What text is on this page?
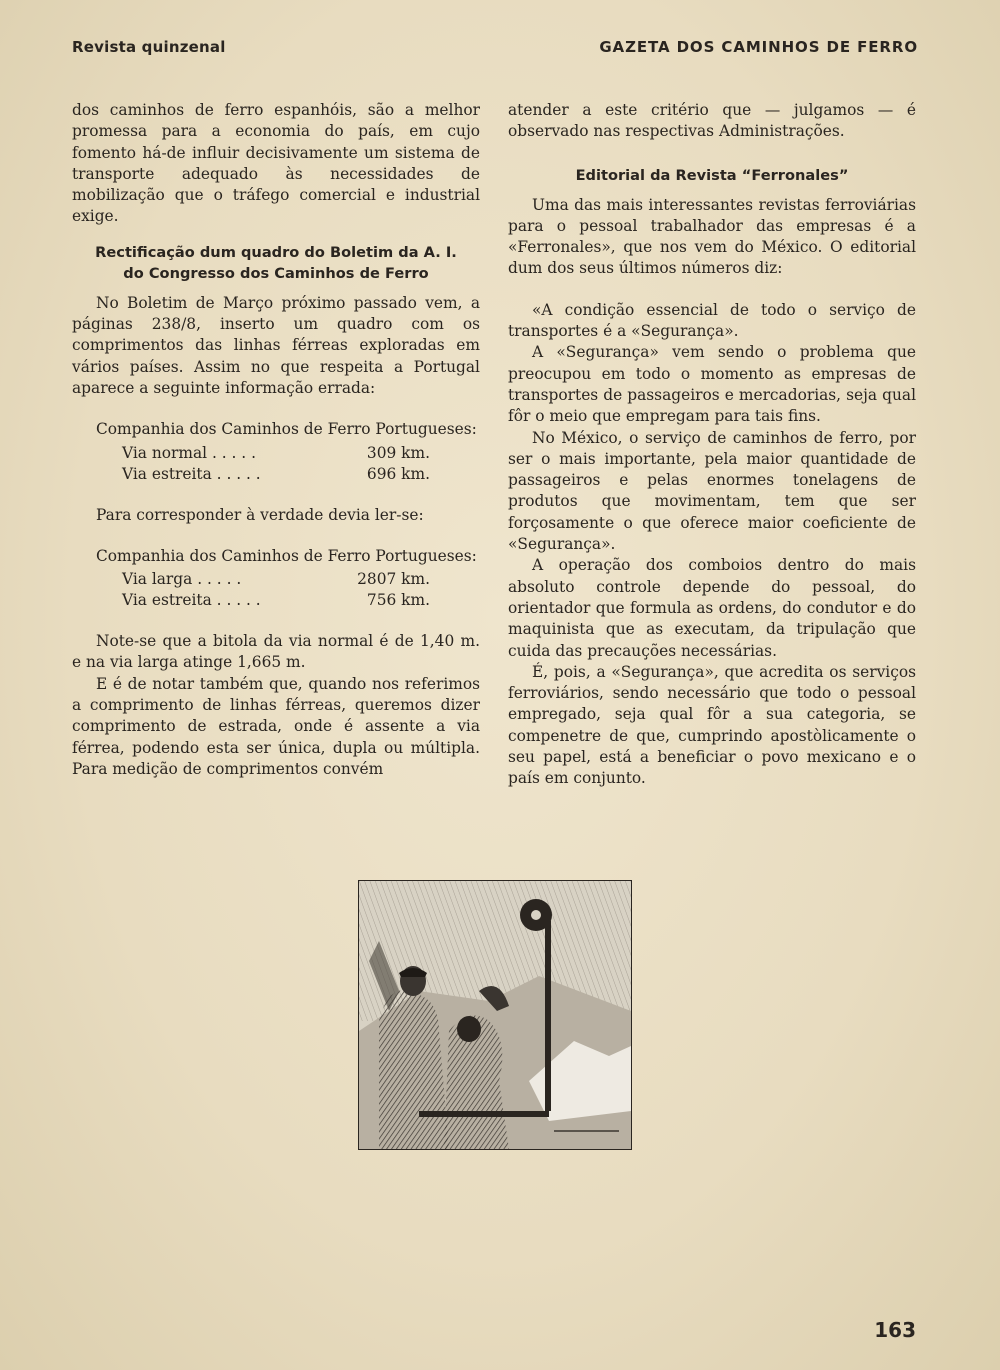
Revista quinzenal	GAZETA DOS CAMINHOS DE FERRO

dos caminhos de ferro espanhóis, são a melhor promessa para a economia do país, em cujo fomento há-de influir decisivamente um sistema de transporte adequado às necessidades de mobilização que o tráfego comercial e industrial exige.

Rectificação dum quadro do Boletim da A. I.
do Congresso dos Caminhos de Ferro

No Boletim de Março próximo passado vem, a páginas 238/8, inserto um quadro com os comprimentos das linhas férreas exploradas em vários países. Assim no que respeita a Portugal aparece a seguinte informação errada:

Companhia dos Caminhos de Ferro Portugueses:

Via normal . . . . .	309 km.
Via estreita . . . . .	696 km.

Para corresponder à verdade devia ler-se:

Companhia dos Caminhos de Ferro Portugueses:

Via larga . . . . .	2807 km.
Via estreita . . . . .	756 km.

Note-se que a bitola da via normal é de 1,40 m. e na via larga atinge 1,665 m.

E é de notar também que, quando nos referimos a comprimento de linhas férreas, queremos dizer comprimento de estrada, onde é assente a via férrea, podendo esta ser única, dupla ou múltipla. Para medição de comprimentos convém

atender a este critério que — julgamos — é observado nas respectivas Administrações.

Editorial da Revista “Ferronales”

Uma das mais interessantes revistas ferroviárias para o pessoal trabalhador das empresas é a «Ferronales», que nos vem do México. O editorial dum dos seus últimos números diz:

«A condição essencial de todo o serviço de transportes é a «Segurança».

A «Segurança» vem sendo o problema que preocupou em todo o momento as empresas de transportes de passageiros e mercadorias, seja qual fôr o meio que empregam para tais fins.

No México, o serviço de caminhos de ferro, por ser o mais importante, pela maior quantidade de passageiros e pelas enormes tonelagens de produtos que movimentam, tem que ser forçosamente o que oferece maior coeficiente de «Segurança».

A operação dos comboios dentro do mais absoluto controle depende do pessoal, do orientador que formula as ordens, do condutor e do maquinista que as executam, da tripulação que cuida das precauções necessárias.

É, pois, a «Segurança», que acredita os serviços ferroviários, sendo necessário que todo o pessoal empregado, seja qual fôr a sua categoria, se compenetre de que, cumprindo apostòlicamente o seu papel, está a beneficiar o povo mexicano e o país em conjunto.

163
